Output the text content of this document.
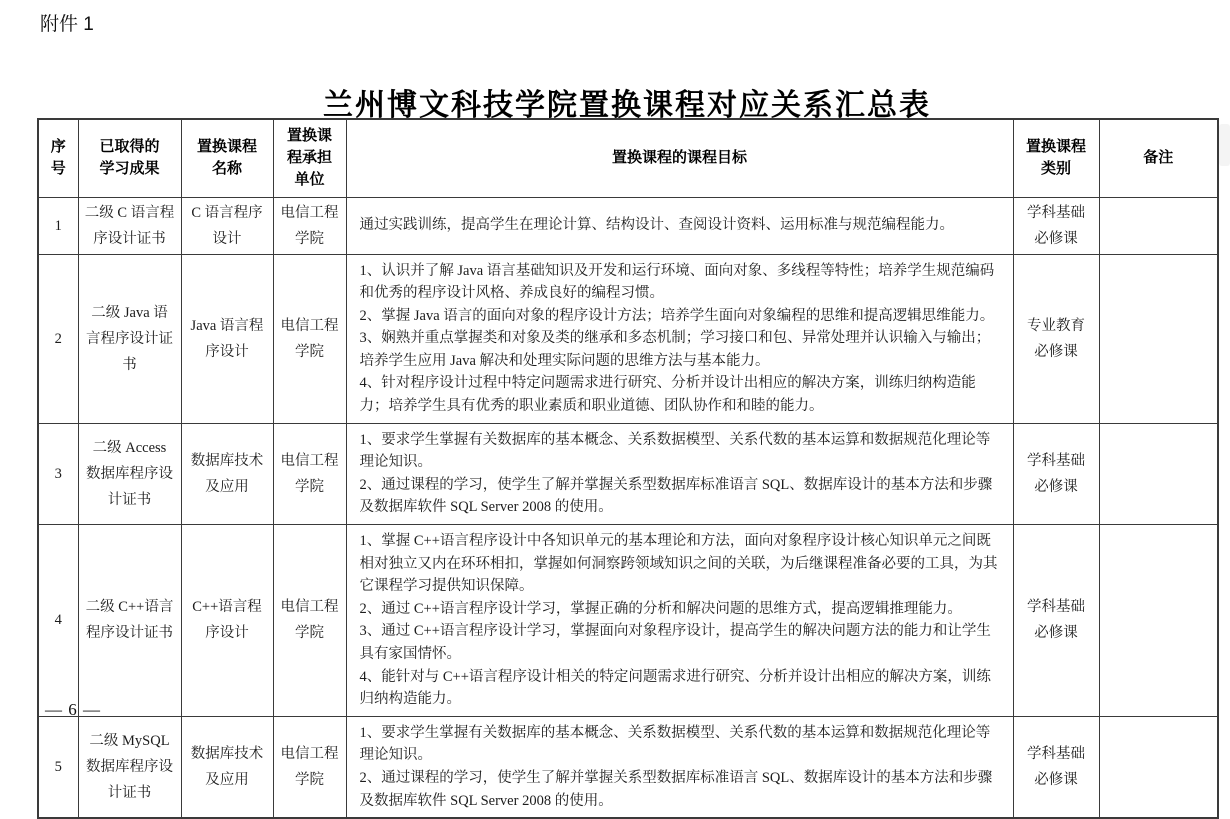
附件 1
兰州博文科技学院置换课程对应关系汇总表
序号	已取得的学习成果	置换课程名称	置换课程承担单位	置换课程的课程目标	置换课程类别	备注
1	二级 C 语言程序设计证书	C 语言程序设计	电信工程学院	通过实践训练，提高学生在理论计算、结构设计、查阅设计资料、运用标准与规范编程能力。	学科基础必修课	
2	二级 Java 语言程序设计证书	Java 语言程序设计	电信工程学院	1、认识并了解 Java 语言基础知识及开发和运行环境、面向对象、多线程等特性；培养学生规范编码和优秀的程序设计风格、养成良好的编程习惯。

2、掌握 Java 语言的面向对象的程序设计方法；培养学生面向对象编程的思维和提高逻辑思维能力。

3、娴熟并重点掌握类和对象及类的继承和多态机制；学习接口和包、异常处理并认识输入与输出；培养学生应用 Java 解决和处理实际问题的思维方法与基本能力。

4、针对程序设计过程中特定问题需求进行研究、分析并设计出相应的解决方案，训练归纳构造能力；培养学生具有优秀的职业素质和职业道德、团队协作和和睦的能力。	专业教育必修课	
3	二级 Access 数据库程序设计证书	数据库技术及应用	电信工程学院	1、要求学生掌握有关数据库的基本概念、关系数据模型、关系代数的基本运算和数据规范化理论等理论知识。

2、通过课程的学习，使学生了解并掌握关系型数据库标准语言 SQL、数据库设计的基本方法和步骤及数据库软件 SQL Server 2008 的使用。	学科基础必修课	
4	二级 C++语言程序设计证书	C++语言程序设计	电信工程学院	1、掌握 C++语言程序设计中各知识单元的基本理论和方法，面向对象程序设计核心知识单元之间既相对独立又内在环环相扣，掌握如何洞察跨领域知识之间的关联，为后继课程准备必要的工具，为其它课程学习提供知识保障。

2、通过 C++语言程序设计学习，掌握正确的分析和解决问题的思维方式，提高逻辑推理能力。

3、通过 C++语言程序设计学习，掌握面向对象程序设计，提高学生的解决问题方法的能力和让学生具有家国情怀。

4、能针对与 C++语言程序设计相关的特定问题需求进行研究、分析并设计出相应的解决方案，训练归纳构造能力。	学科基础必修课	
5	二级 MySQL 数据库程序设计证书	数据库技术及应用	电信工程学院	1、要求学生掌握有关数据库的基本概念、关系数据模型、关系代数的基本运算和数据规范化理论等理论知识。

2、通过课程的学习，使学生了解并掌握关系型数据库标准语言 SQL、数据库设计的基本方法和步骤及数据库软件 SQL Server 2008 的使用。	学科基础必修课	
— 6 —
